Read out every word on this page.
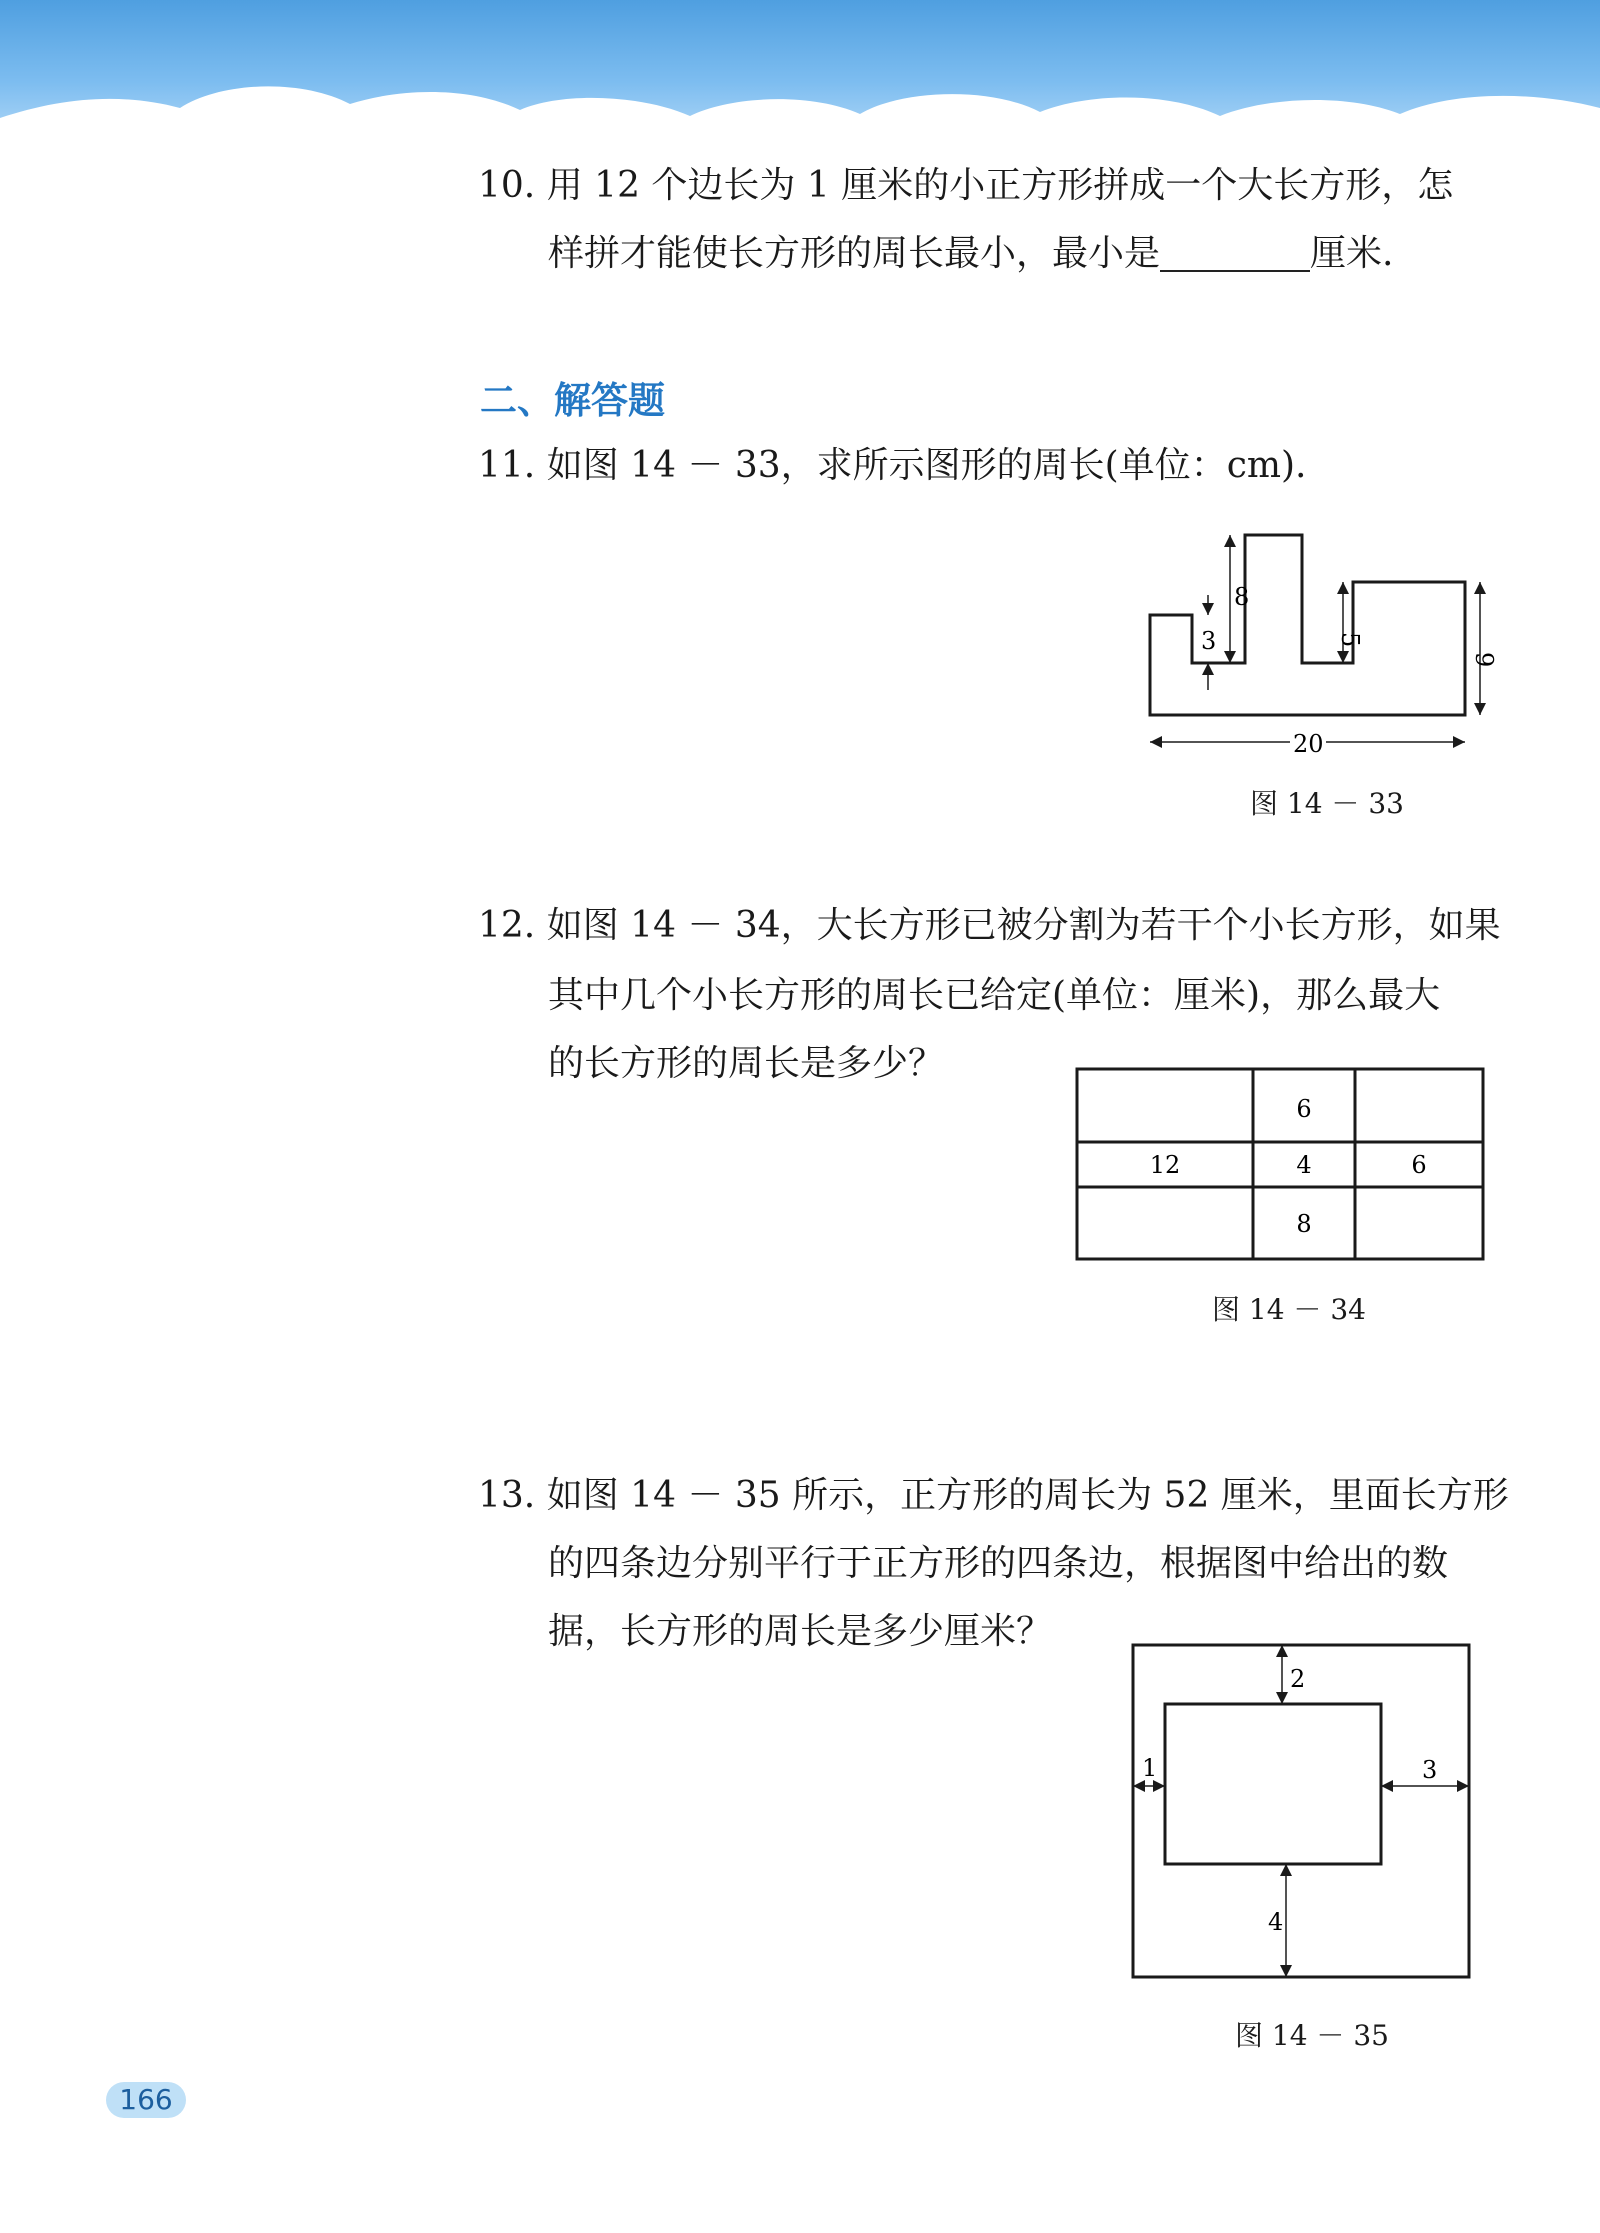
10. 用 12 个边长为 1 厘米的小正方形拼成一个大长方形，怎
样拼才能使长方形的周长最小，最小是	厘米.
二、解答题
11. 如图 14 － 33，求所示图形的周长(单位：cm).
8
3	5
9
20
图 14 － 33
12. 如图 14 － 34，大长方形已被分割为若干个小长方形，如果
其中几个小长方形的周长已给定(单位：厘米)，那么最大
的长方形的周长是多少？
6
12	4	6
8
图 14 － 34
13. 如图 14 － 35 所示，正方形的周长为 52 厘米，里面长方形
的四条边分别平行于正方形的四条边，根据图中给出的数
据，长方形的周长是多少厘米？
2
1	3
4
图 14 － 35
166
